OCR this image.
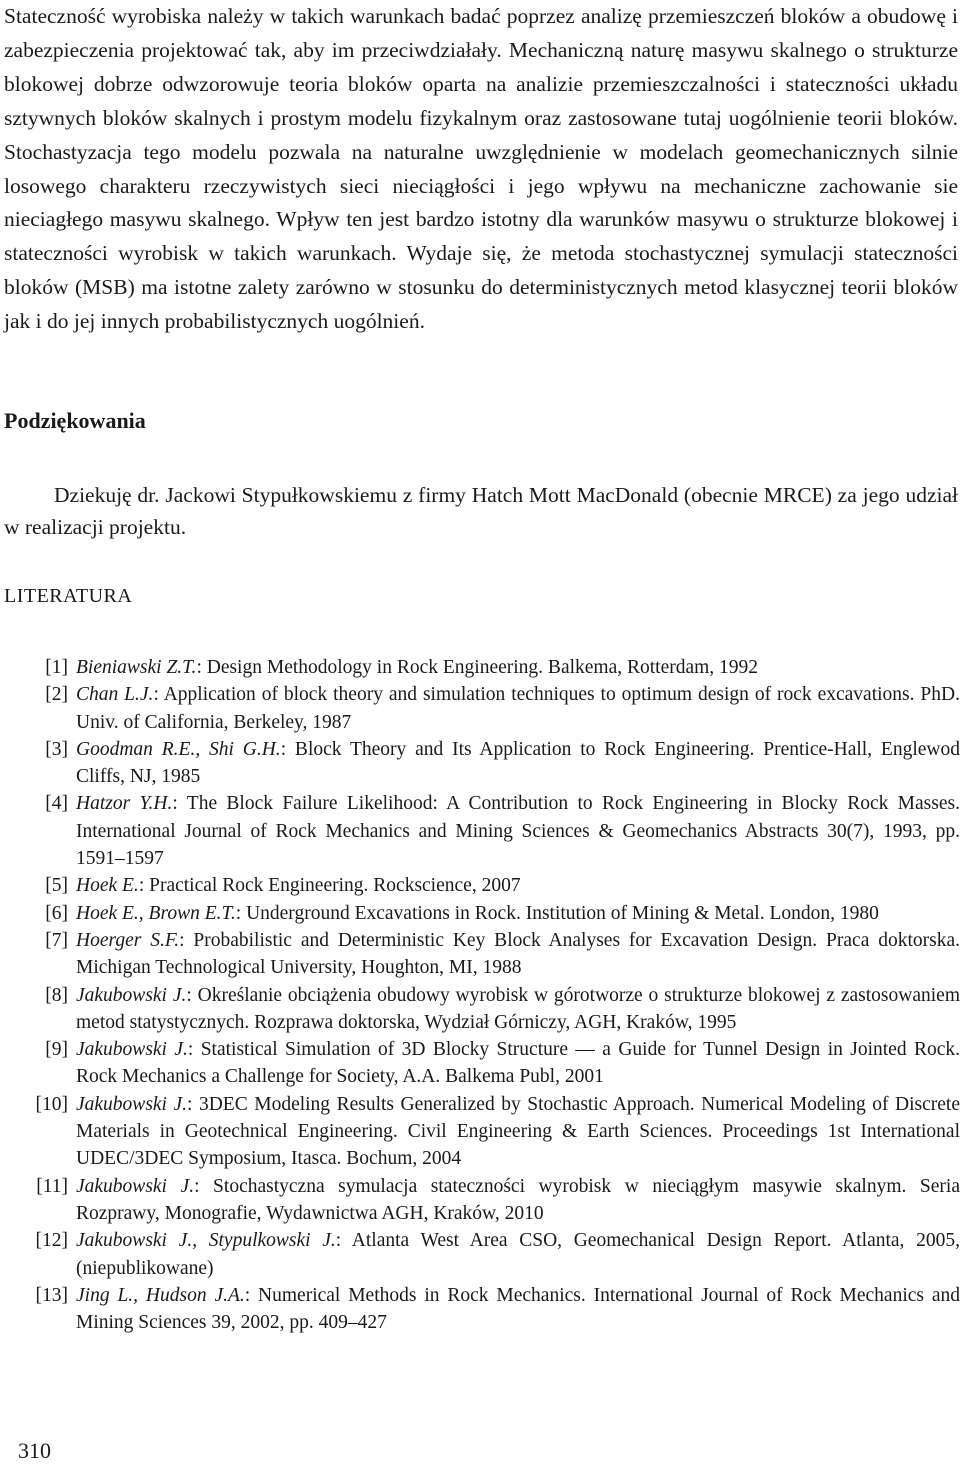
Stateczność wyrobiska należy w takich warunkach badać poprzez analizę przemieszczeń bloków a obudowę i zabezpieczenia projektować tak, aby im przeciwdziałały. Mechaniczną naturę masywu skalnego o strukturze blokowej dobrze odwzorowuje teoria bloków oparta na analizie przemieszczalności i stateczności układu sztywnych bloków skalnych i prostym modelu fizykalnym oraz zastosowane tutaj uogólnienie teorii bloków. Stochastyzacja tego modelu pozwala na naturalne uwzględnienie w modelach geomechanicznych silnie losowego charakteru rzeczywistych sieci nieciągłości i jego wpływu na mechaniczne zachowanie sie nieciagłego masywu skalnego. Wpływ ten jest bardzo istotny dla warunków masywu o strukturze blokowej i stateczności wyrobisk w takich warunkach. Wydaje się, że metoda stochastycznej symulacji stateczności bloków (MSB) ma istotne zalety zarówno w stosunku do deterministycznych metod klasycznej teorii bloków jak i do jej innych probabilistycznych uogólnień.

Podziękowania

Dziekuję dr. Jackowi Stypułkowskiemu z firmy Hatch Mott MacDonald (obecnie MRCE) za jego udział w realizacji projektu.

LITERATURA
[1] Bieniawski Z.T.: Design Methodology in Rock Engineering. Balkema, Rotterdam, 1992
[2] Chan L.J.: Application of block theory and simulation techniques to optimum design of rock excavations. PhD. Univ. of California, Berkeley, 1987
[3] Goodman R.E., Shi G.H.: Block Theory and Its Application to Rock Engineering. Prentice-Hall, Englewod Cliffs, NJ, 1985
[4] Hatzor Y.H.: The Block Failure Likelihood: A Contribution to Rock Engineering in Blocky Rock Masses. International Journal of Rock Mechanics and Mining Sciences & Geomechanics Abstracts 30(7), 1993, pp. 1591–1597
[5] Hoek E.: Practical Rock Engineering. Rockscience, 2007
[6] Hoek E., Brown E.T.: Underground Excavations in Rock. Institution of Mining & Metal. London, 1980
[7] Hoerger S.F.: Probabilistic and Deterministic Key Block Analyses for Excavation Design. Praca doktorska. Michigan Technological University, Houghton, MI, 1988
[8] Jakubowski J.: Określanie obciążenia obudowy wyrobisk w górotworze o strukturze blokowej z zastosowaniem metod statystycznych. Rozprawa doktorska, Wydział Górniczy, AGH, Kraków, 1995
[9] Jakubowski J.: Statistical Simulation of 3D Blocky Structure — a Guide for Tunnel Design in Jointed Rock. Rock Mechanics a Challenge for Society, A.A. Balkema Publ, 2001
[10] Jakubowski J.: 3DEC Modeling Results Generalized by Stochastic Approach. Numerical Modeling of Discrete Materials in Geotechnical Engineering. Civil Engineering & Earth Sciences. Proceedings 1st International UDEC/3DEC Symposium, Itasca. Bochum, 2004
[11] Jakubowski J.: Stochastyczna symulacja stateczności wyrobisk w nieciągłym masywie skalnym. Seria Rozprawy, Monografie, Wydawnictwa AGH, Kraków, 2010
[12] Jakubowski J., Stypulkowski J.: Atlanta West Area CSO, Geomechanical Design Report. Atlanta, 2005, (niepublikowane)
[13] Jing L., Hudson J.A.: Numerical Methods in Rock Mechanics. International Journal of Rock Mechanics and Mining Sciences 39, 2002, pp. 409–427
310
